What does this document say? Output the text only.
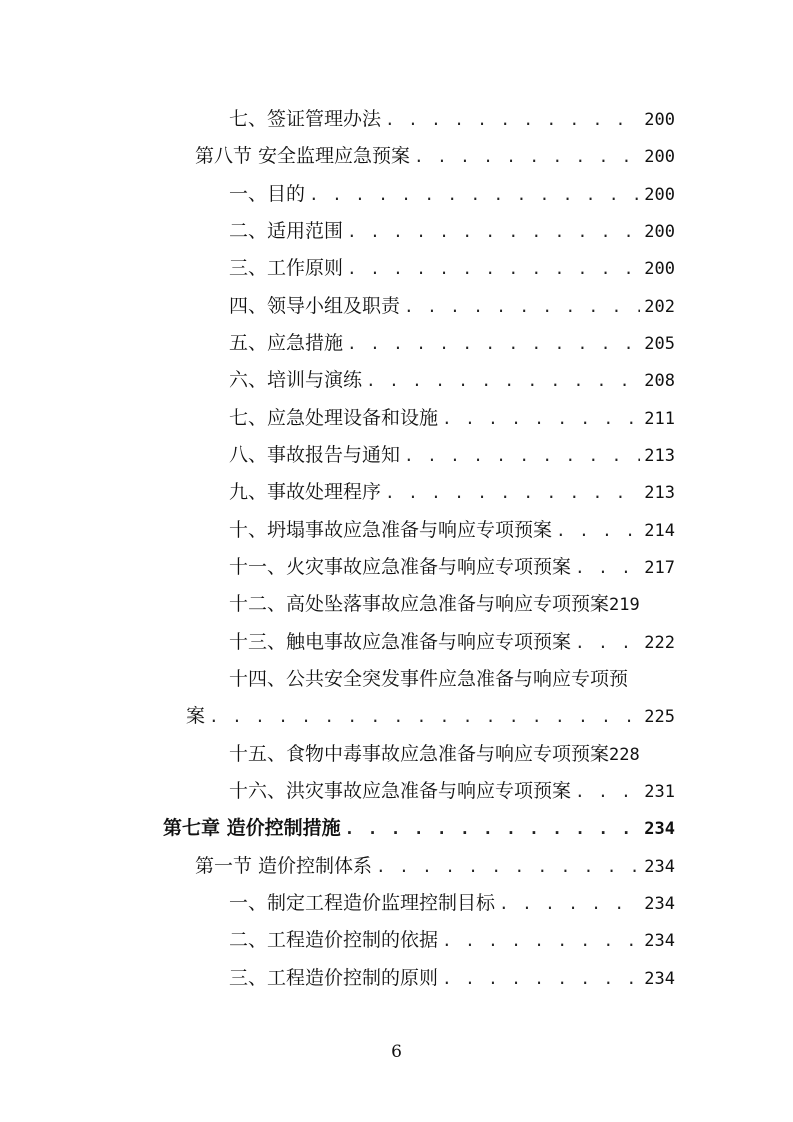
七、签证管理办法 . . .	200
第八节 安全监理应急预案 . . .	200
一、目的 . . .	200
二、适用范围 . . .	200
三、工作原则 . . .	200
四、领导小组及职责 . . .	202
五、应急措施 . . .	205
六、培训与演练 . . .	208
七、应急处理设备和设施 . . .	211
八、事故报告与通知 . . .	213
九、事故处理程序 . . .	213
十、坍塌事故应急准备与响应专项预案 . . .	214
十一、火灾事故应急准备与响应专项预案 . . .	217
十二、高处坠落事故应急准备与响应专项预案 219
十三、触电事故应急准备与响应专项预案 . . .	222
十四、公共安全突发事件应急准备与响应专项预
案 . . .	225
十五、食物中毒事故应急准备与响应专项预案 228
十六、洪灾事故应急准备与响应专项预案 . . .	231
第七章 造价控制措施 . . .	234
第一节 造价控制体系 . . .	234
一、制定工程造价监理控制目标 . . .	234
二、工程造价控制的依据 . . .	234
三、工程造价控制的原则 . . .	234
6
